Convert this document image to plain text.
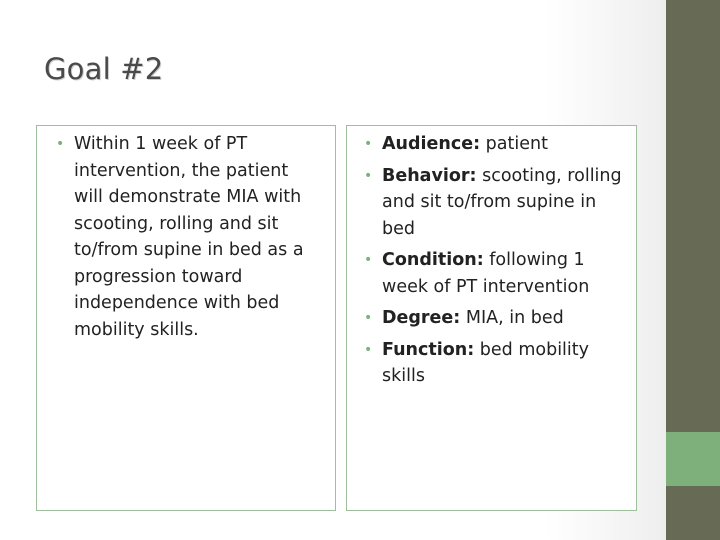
Goal #2
• Within 1 week of PT intervention, the patient will demonstrate MIA with scooting, rolling and sit to/from supine in bed as a progression toward independence with bed mobility skills.
• Audience: patient
• Behavior: scooting, rolling and sit to/from supine in bed
• Condition: following 1 week of PT intervention
• Degree: MIA, in bed
• Function: bed mobility skills
